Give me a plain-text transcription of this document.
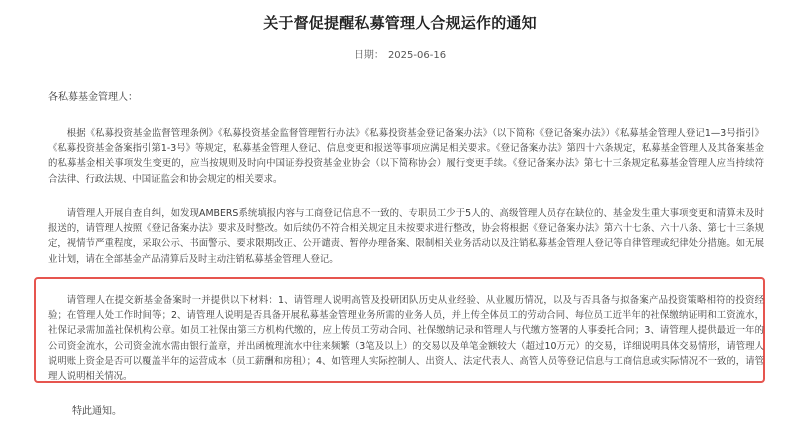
关于督促提醒私募管理人合规运作的通知
日期： 2025-06-16
各私募基金管理人：

根据《私募投资基金监督管理条例》《私募投资基金监督管理暂行办法》《私募投资基金登记备案办法》（以下简称《登记备案办法》）《私募基金管理人登记1—3号指引》《私募投资基金备案指引第1-3号》等规定，私募基金管理人登记、信息变更和报送等事项应满足相关要求。《登记备案办法》第四十六条规定，私募基金管理人及其备案基金的私募基金相关事项发生变更的，应当按规则及时向中国证券投资基金业协会（以下简称协会）履行变更手续。《登记备案办法》第七十三条规定私募基金管理人应当持续符合法律、行政法规、中国证监会和协会规定的相关要求。

请管理人开展自查自纠，如发现AMBERS系统填报内容与工商登记信息不一致的、专职员工少于5人的、高级管理人员存在缺位的、基金发生重大事项变更和清算未及时报送的，请管理人按照《登记备案办法》要求及时整改。如后续仍不符合相关规定且未按要求进行整改，协会将根据《登记备案办法》第六十七条、六十八条、第七十三条规定，视情节严重程度，采取公示、书面警示、要求限期改正、公开谴责、暂停办理备案、限制相关业务活动以及注销私募基金管理人登记等自律管理或纪律处分措施。如无展业计划，请在全部基金产品清算后及时主动注销私募基金管理人登记。

请管理人在提交新基金备案时一并提供以下材料：1、请管理人说明高管及投研团队历史从业经验、从业履历情况，以及与否具备与拟备案产品投资策略相符的投资经验；在管理人处工作时间等；2、请管理人说明是否具备开展私募基金管理业务所需的业务人员，并上传全体员工的劳动合同、每位员工近半年的社保缴纳证明和工资流水，社保记录需加盖社保机构公章。如员工社保由第三方机构代缴的，应上传员工劳动合同、社保缴纳记录和管理人与代缴方签署的人事委托合同；3、请管理人提供最近一年的公司资金流水，公司资金流水需由银行盖章，并出函梳理流水中往来频繁（3笔及以上）的交易以及单笔金额较大（超过10万元）的交易，详细说明具体交易情形，请管理人说明账上资金是否可以覆盖半年的运营成本（员工薪酬和房租）；4、如管理人实际控制人、出资人、法定代表人、高管人员等登记信息与工商信息或实际情况不一致的，请管理人说明相关情况。

特此通知。
